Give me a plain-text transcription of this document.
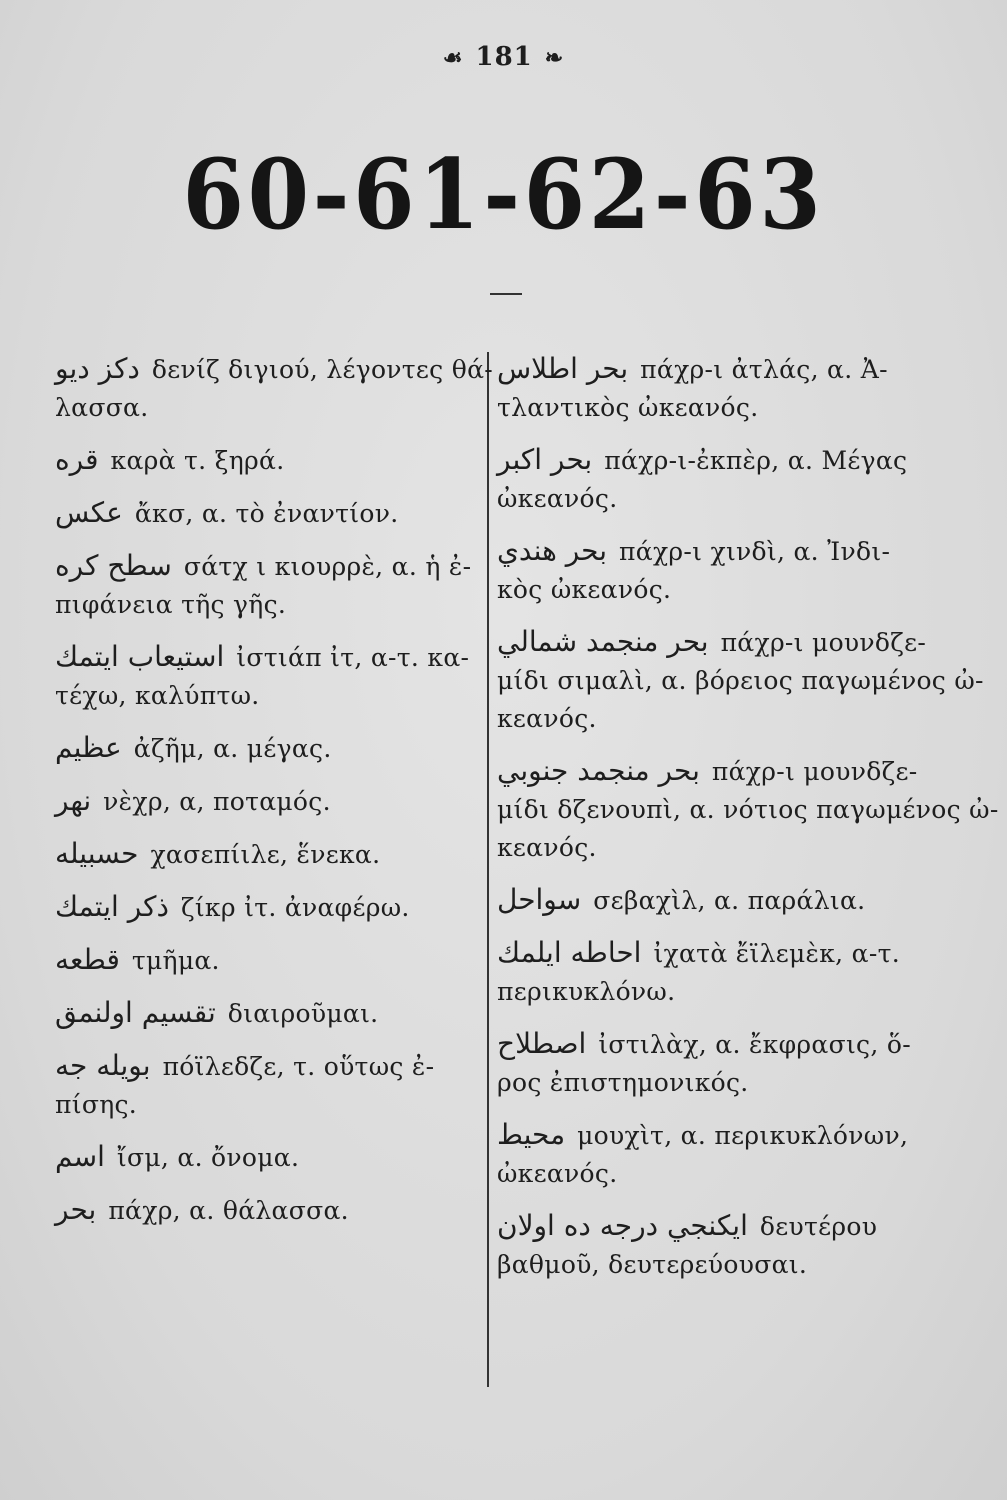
☙ 181 ❧
60-61-62-63
دكز ديو δενίζ διγιού, λέγοντες θά-
λασσα.
قره καρὰ τ. ξηρά.
عكس ἄκσ, α. τὸ ἐναντίον.
سطح كره σάτχ ι κιουρρὲ, α. ἡ ἐ-
πιφάνεια τῆς γῆς.
استيعاب ايتمك ἰστιάπ ἰτ, α-τ. κα-
τέχω, καλύπτω.
عظيم ἀζῆμ, α. μέγας.
نهر νὲχρ, α, ποταμός.
حسبيله χασεπίιλε, ἕνεκα.
ذكر ايتمك ζίκρ ἰτ. ἀναφέρω.
قطعه τμῆμα.
تقسيم اولنمق διαιροῦμαι.
بويله جه πόϊλεδζε, τ. οὕτως ἐ-
πίσης.
اسم ἴσμ, α. ὄνομα.
بحر πάχρ, α. θάλασσα.
بحر اطلاس πάχρ-ι ἀτλάς, α. Ἀ-
τλαντικὸς ὠκεανός.
بحر اكبر πάχρ-ι-ἐκπὲρ, α. Μέγας
ὠκεανός.
بحر هندي πάχρ-ι χινδὶ, α. Ἰνδι-
κὸς ὠκεανός.
بحر منجمد شمالي πάχρ-ι μουνδζε-
μίδι σιμαλὶ, α. βόρειος παγωμένος ὠ-
κεανός.
بحر منجمد جنوبي πάχρ-ι μουνδζε-
μίδι δζενουπὶ, α. νότιος παγωμένος ὠ-
κεανός.
سواحل σεβαχὶλ, α. παράλια.
احاطه ايلمك ἰχατὰ ἔϊλεμὲκ, α-τ.
περικυκλόνω.
اصطلاح ἰστιλὰχ, α. ἔκφρασις, ὅ-
ρος ἐπιστημονικός.
محيط μουχὶτ, α. περικυκλόνων,
ὠκεανός.
ايكنجي درجه ده اولان δευτέρου
βαθμοῦ, δευτερεύουσαι.
